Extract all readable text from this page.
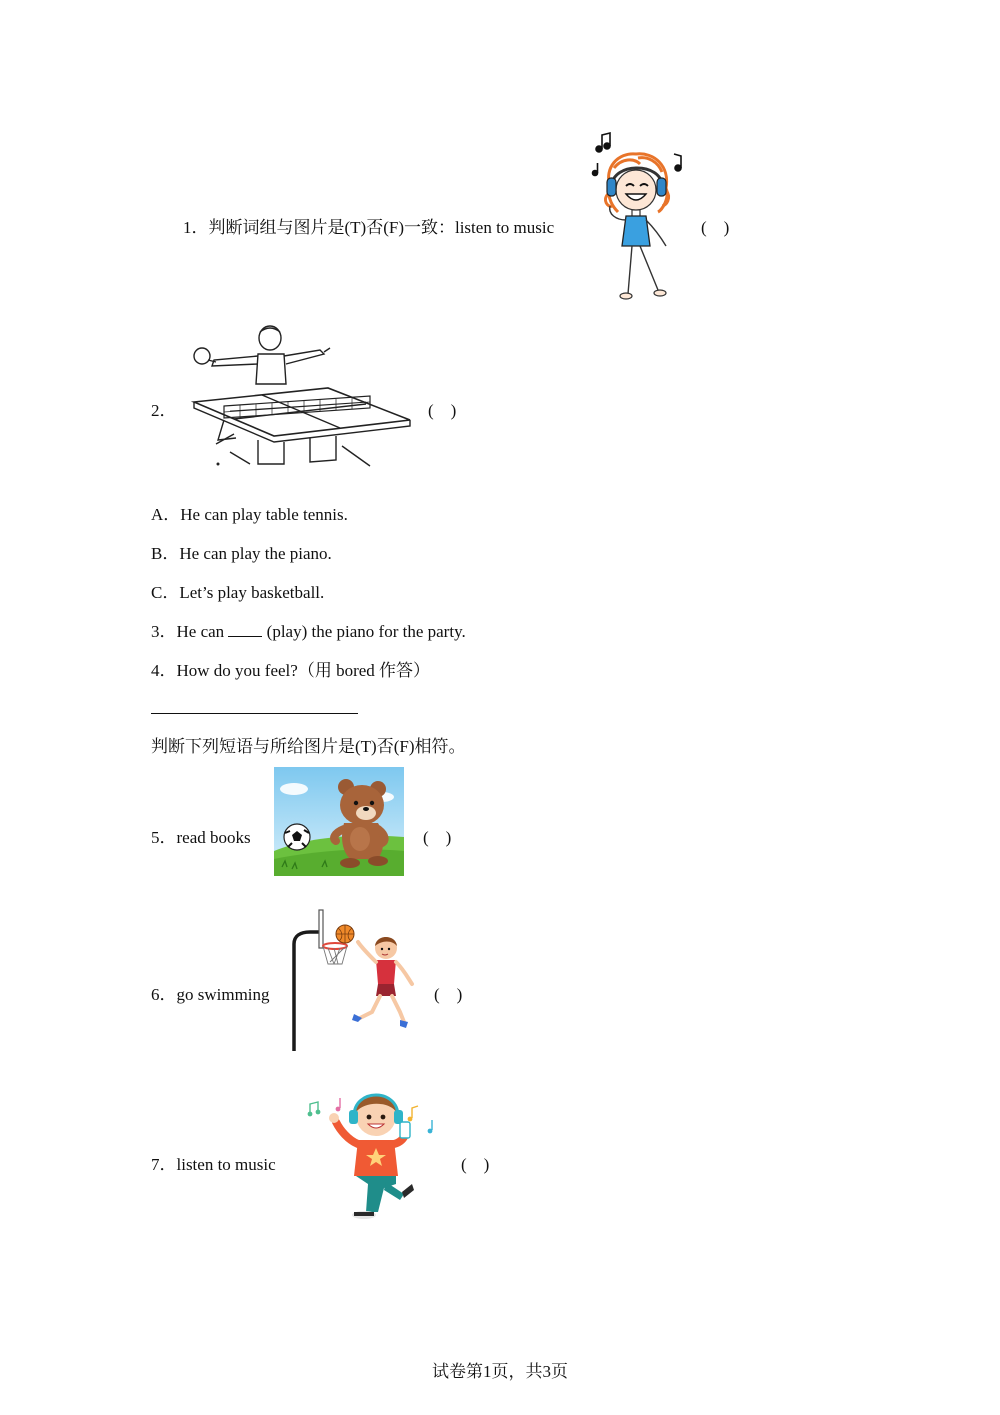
1．判断词组与图片是(T)否(F)一致：listen to music	(　)
2．	(　)
A．He can play table tennis.
B．He can play the piano.
C．Let’s play basketball.
3．He can  (play) the piano for the party.
4．How do you feel?（用 bored 作答）
判断下列短语与所给图片是(T)否(F)相符。
5．read books	(　)
6．go swimming	(　)
7．listen to music	(　)
试卷第1页，共3页
